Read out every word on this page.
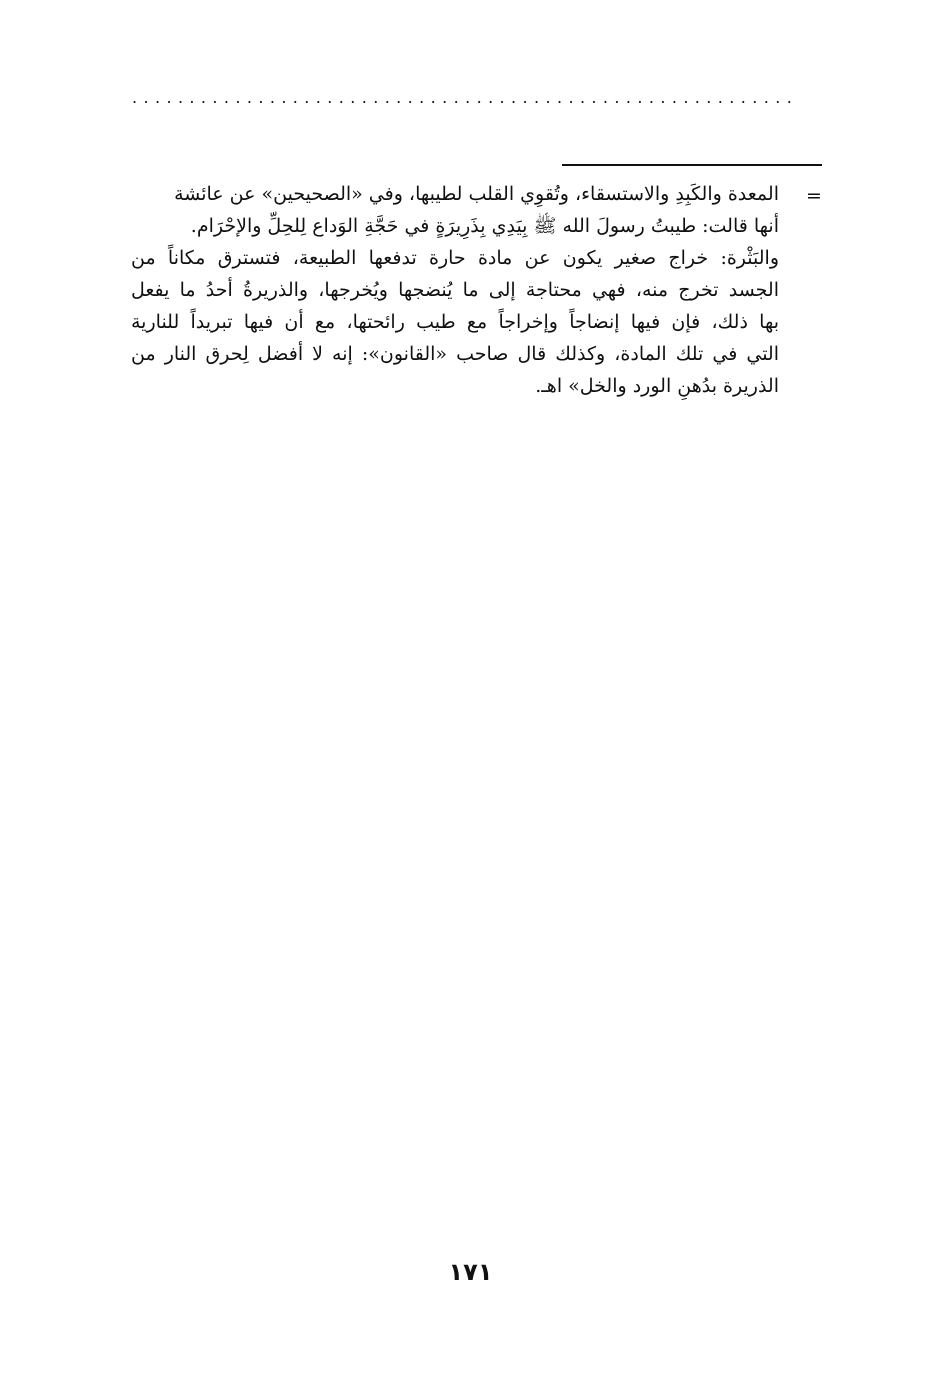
..........................................................
=
المعدة والكَبِدِ والاستسقاء، وتُقوِي القلب لطيبها، وفي «الصحيحين» عن عائشة
أنها قالت: طيبتُ رسولَ الله ﷺ بِيَدِي بِذَرِيرَةٍ في حَجَّةِ الوَداع لِلحِلِّ والإحْرَام.
والبَثْرة: خراج صغير يكون عن مادة حارة تدفعها الطبيعة، فتسترق مكاناً من
الجسد تخرج منه، فهي محتاجة إلى ما يُنضجها ويُخرجها، والذريرةُ أحدُ ما يفعل
بها ذلك، فإن فيها إنضاجاً وإخراجاً مع طيب رائحتها، مع أن فيها تبريداً للنارية
التي في تلك المادة، وكذلك قال صاحب «القانون»: إنه لا أفضل لِحرق النار من
الذريرة بدُهنِ الورد والخل» اهـ.
١٧١
